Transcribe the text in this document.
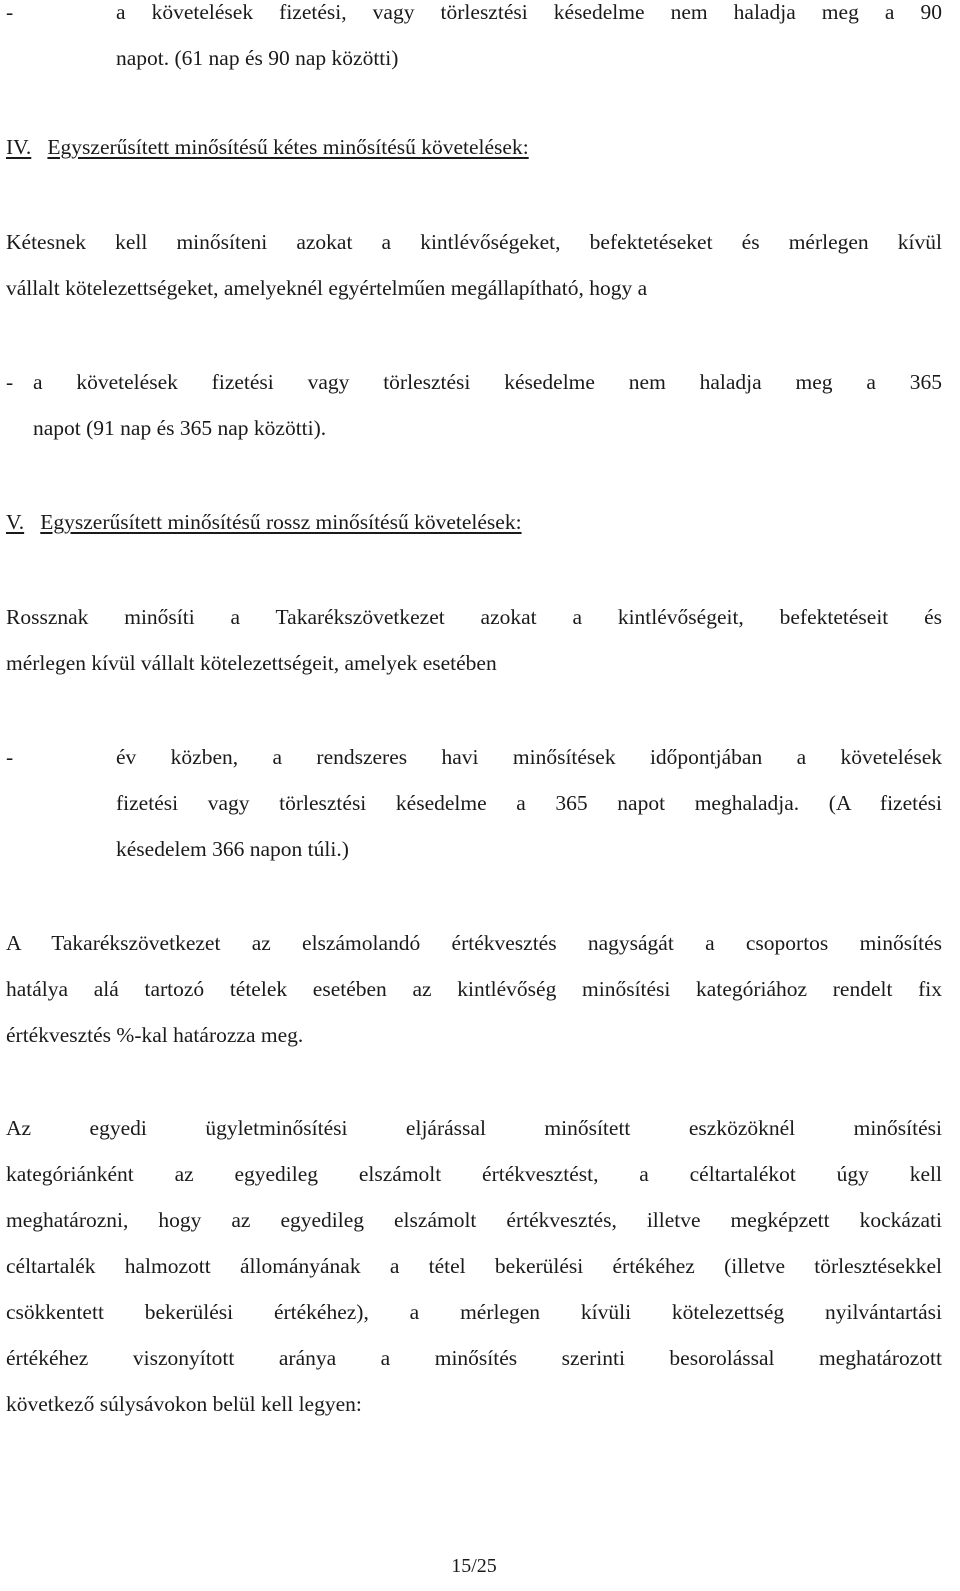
-	a követelések fizetési, vagy törlesztési késedelme nem haladja meg a 90
napot. (61 nap és 90 nap közötti)
IV. Egyszerűsített minősítésű kétes minősítésű követelések:
Kétesnek kell minősíteni azokat a kintlévőségeket, befektetéseket és mérlegen kívül
vállalt kötelezettségeket, amelyeknél egyértelműen megállapítható, hogy a
- a követelések fizetési vagy törlesztési késedelme nem haladja meg a 365
napot (91 nap és 365 nap közötti).
V. Egyszerűsített minősítésű rossz minősítésű követelések:
Rossznak minősíti a Takarékszövetkezet azokat a kintlévőségeit, befektetéseit és
mérlegen kívül vállalt kötelezettségeit, amelyek esetében
-	év közben, a rendszeres havi minősítések időpontjában a követelések
fizetési vagy törlesztési késedelme a 365 napot meghaladja. (A fizetési
késedelem 366 napon túli.)
A Takarékszövetkezet az elszámolandó értékvesztés nagyságát a csoportos minősítés
hatálya alá tartozó tételek esetében az kintlévőség minősítési kategóriához rendelt fix
értékvesztés %-kal határozza meg.
Az egyedi ügyletminősítési eljárással minősített eszközöknél minősítési
kategóriánként az egyedileg elszámolt értékvesztést, a céltartalékot úgy kell
meghatározni, hogy az egyedileg elszámolt értékvesztés, illetve megképzett kockázati
céltartalék halmozott állományának a tétel bekerülési értékéhez (illetve törlesztésekkel
csökkentett bekerülési értékéhez), a mérlegen kívüli kötelezettség nyilvántartási
értékéhez viszonyított aránya a minősítés szerinti besorolással meghatározott
következő súlysávokon belül kell legyen:
15/25
